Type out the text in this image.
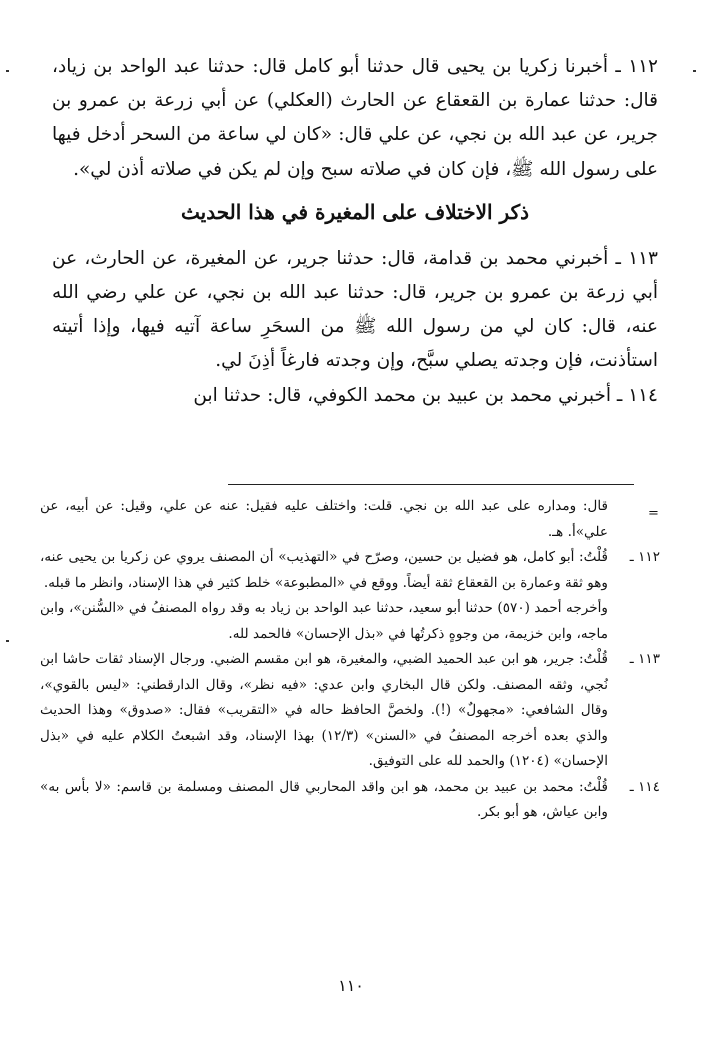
١١٢ ـ أخبرنا زكريا بن يحيى قال حدثنا أبو كامل قال: حدثنا عبد الواحد بن زياد، قال: حدثنا عمارة بن القعقاع عن الحارث (العكلي) عن أبي زرعة بن عمرو بن جرير، عن عبد الله بن نجي، عن علي قال: «كان لي ساعة من السحر أدخل فيها على رسول الله ﷺ، فإن كان في صلاته سبح وإن لم يكن في صلاته أذن لي».

ذكر الاختلاف على المغيرة في هذا الحديث

١١٣ ـ أخبرني محمد بن قدامة، قال: حدثنا جرير، عن المغيرة، عن الحارث، عن أبي زرعة بن عمرو بن جرير، قال: حدثنا عبد الله بن نجي، عن علي رضي الله عنه، قال: كان لي من رسول الله ﷺ من السحَرِ ساعة آتيه فيها، وإذا أتيته استأذنت، فإن وجدته يصلي سبَّح، وإن وجدته فارغاً أذِنَ لي.

١١٤ ـ أخبرني محمد بن عبيد بن محمد الكوفي، قال: حدثنا ابن

=

قال: ومداره على عبد الله بن نجي. قلت: واختلف عليه فقيل: عنه عن علي، وقيل: عن أبيه، عن علي»أ. هـ.

١١٢ ـ

قُلْتُ: أبو كامل، هو فضيل بن حسين، وصرّح في «التهذيب» أن المصنف يروي عن زكريا بن يحيى عنه، وهو ثقة وعمارة بن القعقاع ثقة أيضاً. ووقع في «المطبوعة» خلط كثير في هذا الإسناد، وانظر ما قبله.

وأخرجه أحمد (٥٧٠) حدثنا أبو سعيد، حدثنا عبد الواحد بن زياد به وقد رواه المصنفُ في «السُّنن»، وابن ماجه، وابن خزيمة، من وجوهٍ ذكرتُها في «بذل الإحسان» فالحمد لله.

١١٣ ـ

قُلْتُ: جرير، هو ابن عبد الحميد الضبي، والمغيرة، هو ابن مقسم الضبي. ورجال الإسناد ثقات حاشا ابن نُجي، وثقه المصنف. ولكن قال البخاري وابن عدي: «فيه نظر»، وقال الدارقطني: «ليس بالقوي»، وقال الشافعي: «مجهولٌ» (!). ولخصَّ الحافظ حاله في «التقريب» فقال: «صدوق» وهذا الحديث والذي بعده أخرجه المصنفُ في «السنن» (١٢/٣) بهذا الإسناد، وقد اشبعتُ الكلام عليه في «بذل الإحسان» (١٢٠٤) والحمد لله على التوفيق.

١١٤ ـ

قُلْتُ: محمد بن عبيد بن محمد، هو ابن واقد المحاربي قال المصنف ومسلمة بن قاسم: «لا بأس به» وابن عياش، هو أبو بكر.

١١٠
